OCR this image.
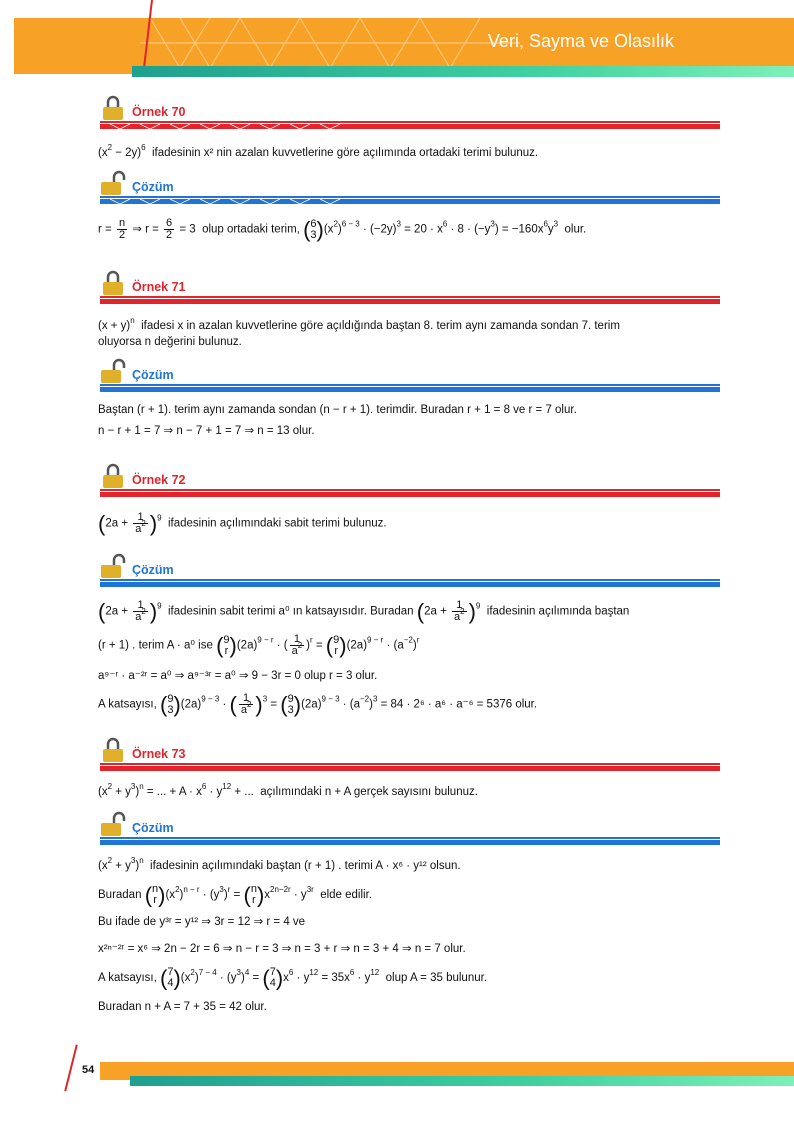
Veri, Sayma ve Olasılık
Örnek 70
$(x^2 - 2y)^6$ ifadesinin x² nin azalan kuvvetlerine göre açılımında ortadaki terimi bulunuz.
Çözüm
$r = \frac{n}{2}$ ⇒ $r = \frac{6}{2} = 3$  olup ortadaki terim, (6
$3)(x^2)^{6 - 3} \cdot (-2y)^3 = 20 \cdot x^6 \cdot 8 \cdot (-y^3) = -160x^6y^3$ olur.
Örnek 71
$(x + y)^n$ ifadesi x in azalan kuvvetlerine göre açıldığında baştan 8. terim aynı zamanda sondan 7. terim
oluyorsa n değerini bulunuz.
Çözüm
Baştan (r + 1). terim aynı zamanda sondan (n − r + 1). terimdir. Buradan r + 1 = 8 ve r = 7 olur.
n − r + 1 = 7 ⇒ n − 7 + 1 = 7 ⇒ n = 13 olur.
Örnek 72
$(2a + \frac{1}{a^2} )^9$ ifadesinin açılımındaki sabit terimi bulunuz.
Çözüm
$(2a + \frac{1}{a^2} )^9$ ifadesinin sabit terimi a⁰ ın katsayısıdır. Buradan $(2a + \frac{1}{a^2} )^9$ ifadesinin açılımında baştan
(r + 1) . terim A · a⁰ ise (9
$r)(2a)^{9 - r}$ · ( $\frac{1}{a^2} )^r = (9$
$r)(2a)^{9 - r} \cdot (a^{-2})^r$
a⁹⁻ʳ · a⁻²ʳ = a⁰ ⇒ a⁹⁻³ʳ = a⁰ ⇒ 9 − 3r = 0 olup r = 3 olur.
A katsayısı, (9
$3)(2a)^{9 - 3}$ · ( $\frac{1}{a^2} )^3 = (9$
$3)(2a)^{9 - 3} \cdot (a^{-2})^3 = 84 \cdot 2^6 \cdot a^6 \cdot a^{-6} = 5376$ olur.
Örnek 73
$(x^2 + y^3)^n$ = ... + $A \cdot x^6 \cdot y^{12}$ + ...  açılımındaki n + A gerçek sayısını bulunuz.
Çözüm
$(x^2 + y^3)^n$ ifadesinin açılımındaki baştan (r + 1) . terimi A · x⁶ · y¹² olsun.
Buradan (n
$r)(x^2)^{n - r} \cdot (y^3)^r = (n$
$r)x^{2n-2r} \cdot y^{3r}$ elde edilir.
Bu ifade de y³ʳ = y¹² ⇒ 3r = 12 ⇒ r = 4 ve
x²ⁿ⁻²ʳ = x⁶ ⇒ 2n − 2r = 6 ⇒ n − r = 3 ⇒ n = 3 + r ⇒ n = 3 + 4 ⇒ n = 7 olur.
A katsayısı, (7
$4)(x^2)^{7 - 4} \cdot (y^3)^4 = (7$
$4)x^6 \cdot y^{12} = 35x^6 \cdot y^{12}$ olup A = 35 bulunur.
Buradan n + A = 7 + 35 = 42 olur.
54
